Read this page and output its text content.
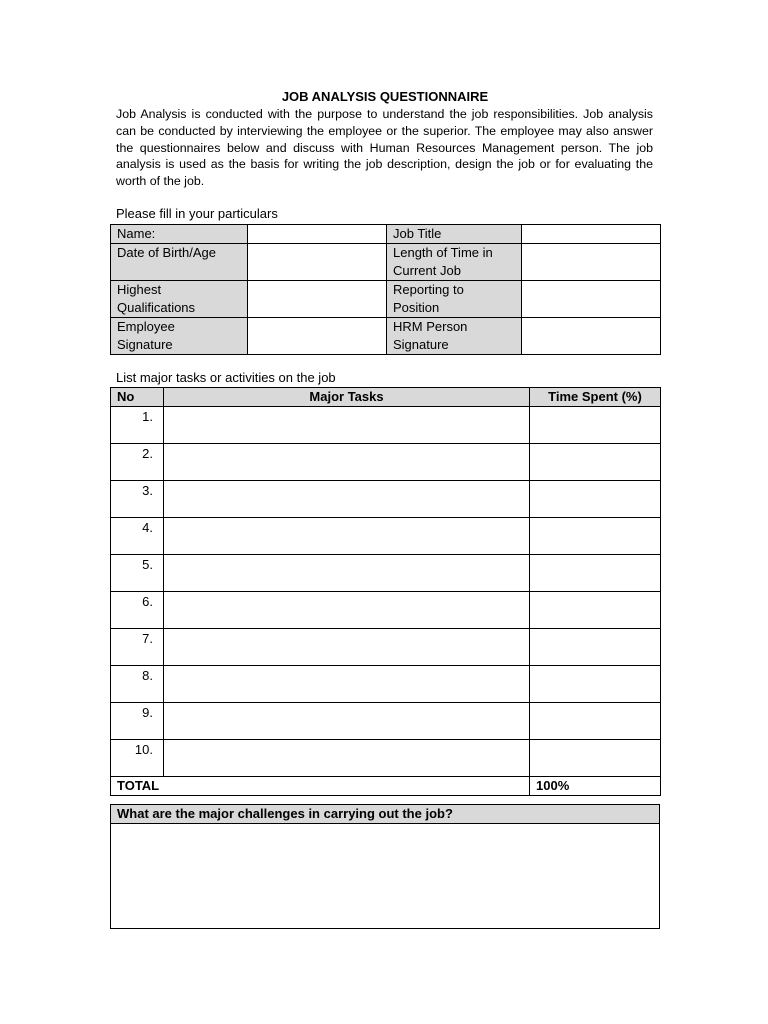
JOB ANALYSIS QUESTIONNAIRE
Job Analysis is conducted with the purpose to understand the job responsibilities. Job analysis can be conducted by interviewing the employee or the superior. The employee may also answer the questionnaires below and discuss with Human Resources Management person. The job analysis is used as the basis for writing the job description, design the job or for evaluating the worth of the job.
Please fill in your particulars
Name:		Job Title	
Date of Birth/Age		Length of Time in
Current Job	
Highest
Qualifications		Reporting to
Position	
Employee
Signature		HRM Person
Signature	
List major tasks or activities on the job
No	Major Tasks	Time Spent (%)
1.		
2.		
3.		
4.		
5.		
6.		
7.		
8.		
9.		
10.		
TOTAL		100%
What are the major challenges in carrying out the job?
